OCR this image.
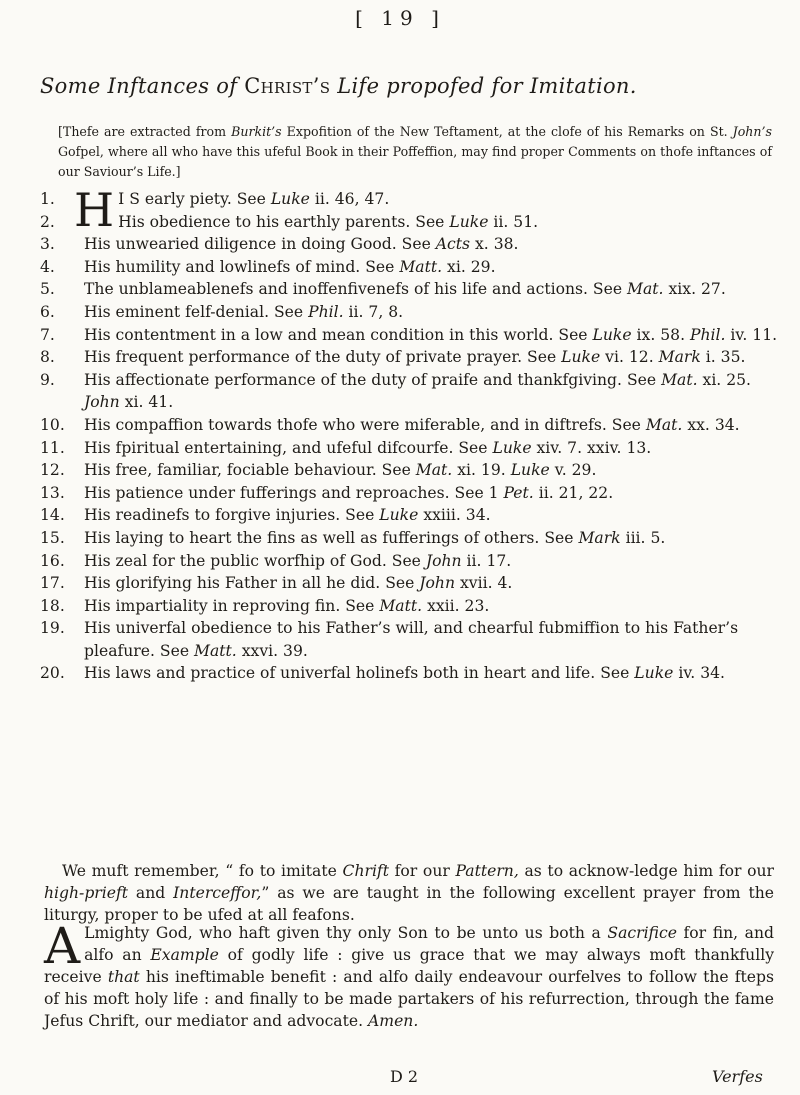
[ 19 ]
Some Inftances of Christ’s Life propofed for Imitation.
[Thefe are extracted from Burkit’s Expofition of the New Teftament, at the clofe of his Remarks on St. John’s Gofpel, where all who have this ufeful Book in their Poffeffion, may find proper Comments on thofe inftances of our Saviour’s Life.]
1. H I S early piety. See Luke ii. 46, 47.
2.	His obedience to his earthly parents. See Luke ii. 51.
3.	His unwearied diligence in doing Good. See Acts x. 38.
4.	His humility and lowlinefs of mind. See Matt. xi. 29.
5.	The unblameablenefs and inoffenfivenefs of his life and actions. See Mat. xix. 27.
6.	His eminent felf-denial. See Phil. ii. 7, 8.
7.	His contentment in a low and mean condition in this world. See Luke ix. 58. Phil. iv. 11.
8.	His frequent performance of the duty of private prayer. See Luke vi. 12. Mark i. 35.
9.	His affectionate performance of the duty of praife and thankfgiving. See Mat. xi. 25. John xi. 41.
10.	His compaffion towards thofe who were miferable, and in diftrefs. See Mat. xx. 34.
11.	His fpiritual entertaining, and ufeful difcourfe. See Luke xiv. 7. xxiv. 13.
12.	His free, familiar, fociable behaviour. See Mat. xi. 19. Luke v. 29.
13.	His patience under fufferings and reproaches. See 1 Pet. ii. 21, 22.
14.	His readinefs to forgive injuries. See Luke xxiii. 34.
15.	His laying to heart the fins as well as fufferings of others. See Mark iii. 5.
16.	His zeal for the public worfhip of God. See John ii. 17.
17.	His glorifying his Father in all he did. See John xvii. 4.
18.	His impartiality in reproving fin. See Matt. xxii. 23.
19.	His univerfal obedience to his Father’s will, and chearful fubmiffion to his Father’s pleafure. See Matt. xxvi. 39.
20.	His laws and practice of univerfal holinefs both in heart and life. See Luke iv. 34.
We muft remember, “ fo to imitate Chrift for our Pattern, as to acknow-ledge him for our high-prieft and Interceffor,” as we are taught in the following excellent prayer from the liturgy, proper to be ufed at all feafons.
A Lmighty God, who haft given thy only Son to be unto us both a Sacrifice for fin, and alfo an Example of godly life : give us grace that we may always moft thankfully receive that his ineftimable benefit : and alfo daily endeavour ourfelves to follow the fteps of his moft holy life : and finally to be made partakers of his refurrection, through the fame Jefus Chrift, our mediator and advocate. Amen.
D 2	Verfes
